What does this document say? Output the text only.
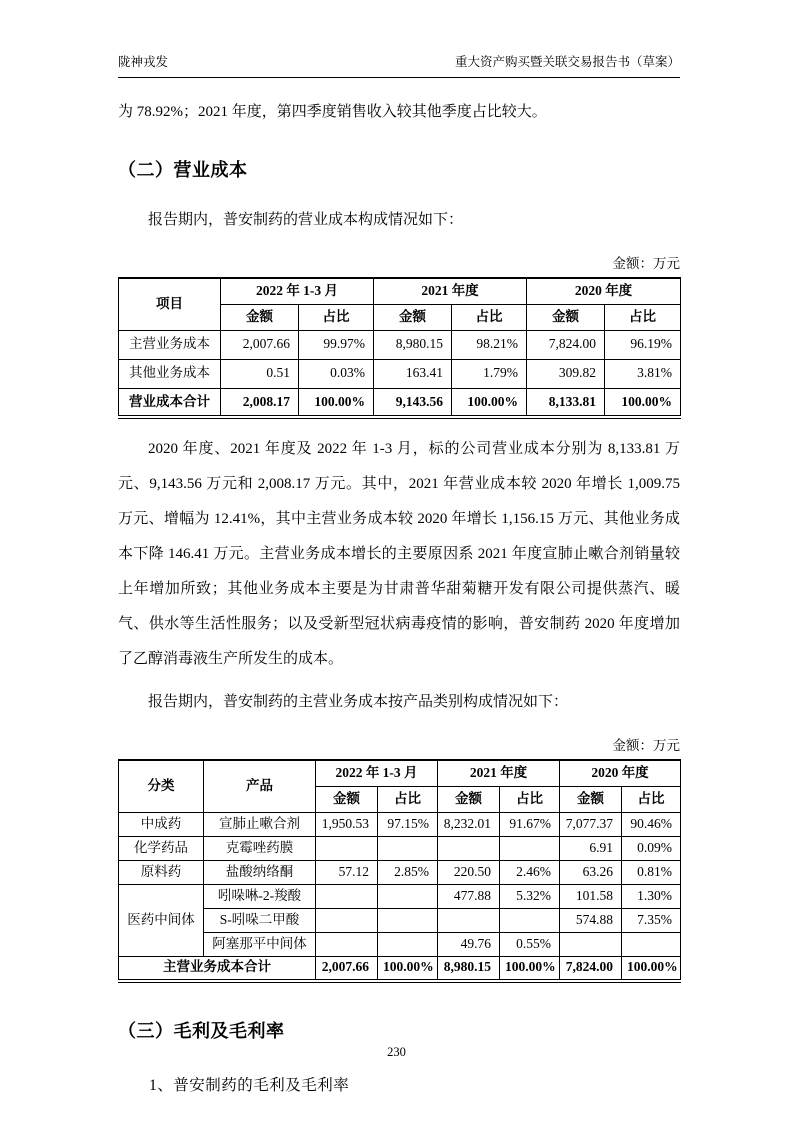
陇神戎发	重大资产购买暨关联交易报告书（草案）

为 78.92%；2021 年度，第四季度销售收入较其他季度占比较大。

（二）营业成本

报告期内，普安制药的营业成本构成情况如下：

金额：万元
项目	2022 年 1-3 月		2021 年度		2020 年度	
	金额	占比	金额	占比	金额	占比
主营业务成本	2,007.66	99.97%	8,980.15	98.21%	7,824.00	96.19%
其他业务成本	0.51	0.03%	163.41	1.79%	309.82	3.81%
营业成本合计	2,008.17	100.00%	9,143.56	100.00%	8,133.81	100.00%

2020 年度、2021 年度及 2022 年 1-3 月，标的公司营业成本分别为 8,133.81 万元、9,143.56 万元和 2,008.17 万元。其中，2021 年营业成本较 2020 年增长 1,009.75 万元、增幅为 12.41%，其中主营业务成本较 2020 年增长 1,156.15 万元、其他业务成本下降 146.41 万元。主营业务成本增长的主要原因系 2021 年度宣肺止嗽合剂销量较上年增加所致；其他业务成本主要是为甘肃普华甜菊糖开发有限公司提供蒸汽、暖气、供水等生活性服务；以及受新型冠状病毒疫情的影响，普安制药 2020 年度增加了乙醇消毒液生产所发生的成本。

报告期内，普安制药的主营业务成本按产品类别构成情况如下：

金额：万元
分类	产品	2022 年 1-3 月		2021 年度		2020 年度	
		金额	占比	金额	占比	金额	占比
中成药	宣肺止嗽合剂	1,950.53	97.15%	8,232.01	91.67%	7,077.37	90.46%
化学药品	克霉唑药膜					6.91	0.09%
原料药	盐酸纳络酮	57.12	2.85%	220.50	2.46%	63.26	0.81%
医药中间体	吲哚啉-2-羧酸			477.88	5.32%	101.58	1.30%
	S-吲哚二甲酸					574.88	7.35%
	阿塞那平中间体			49.76	0.55%		
主营业务成本合计		2,007.66	100.00%	8,980.15	100.00%	7,824.00	100.00%
（三）毛利及毛利率

1、普安制药的毛利及毛利率

230
